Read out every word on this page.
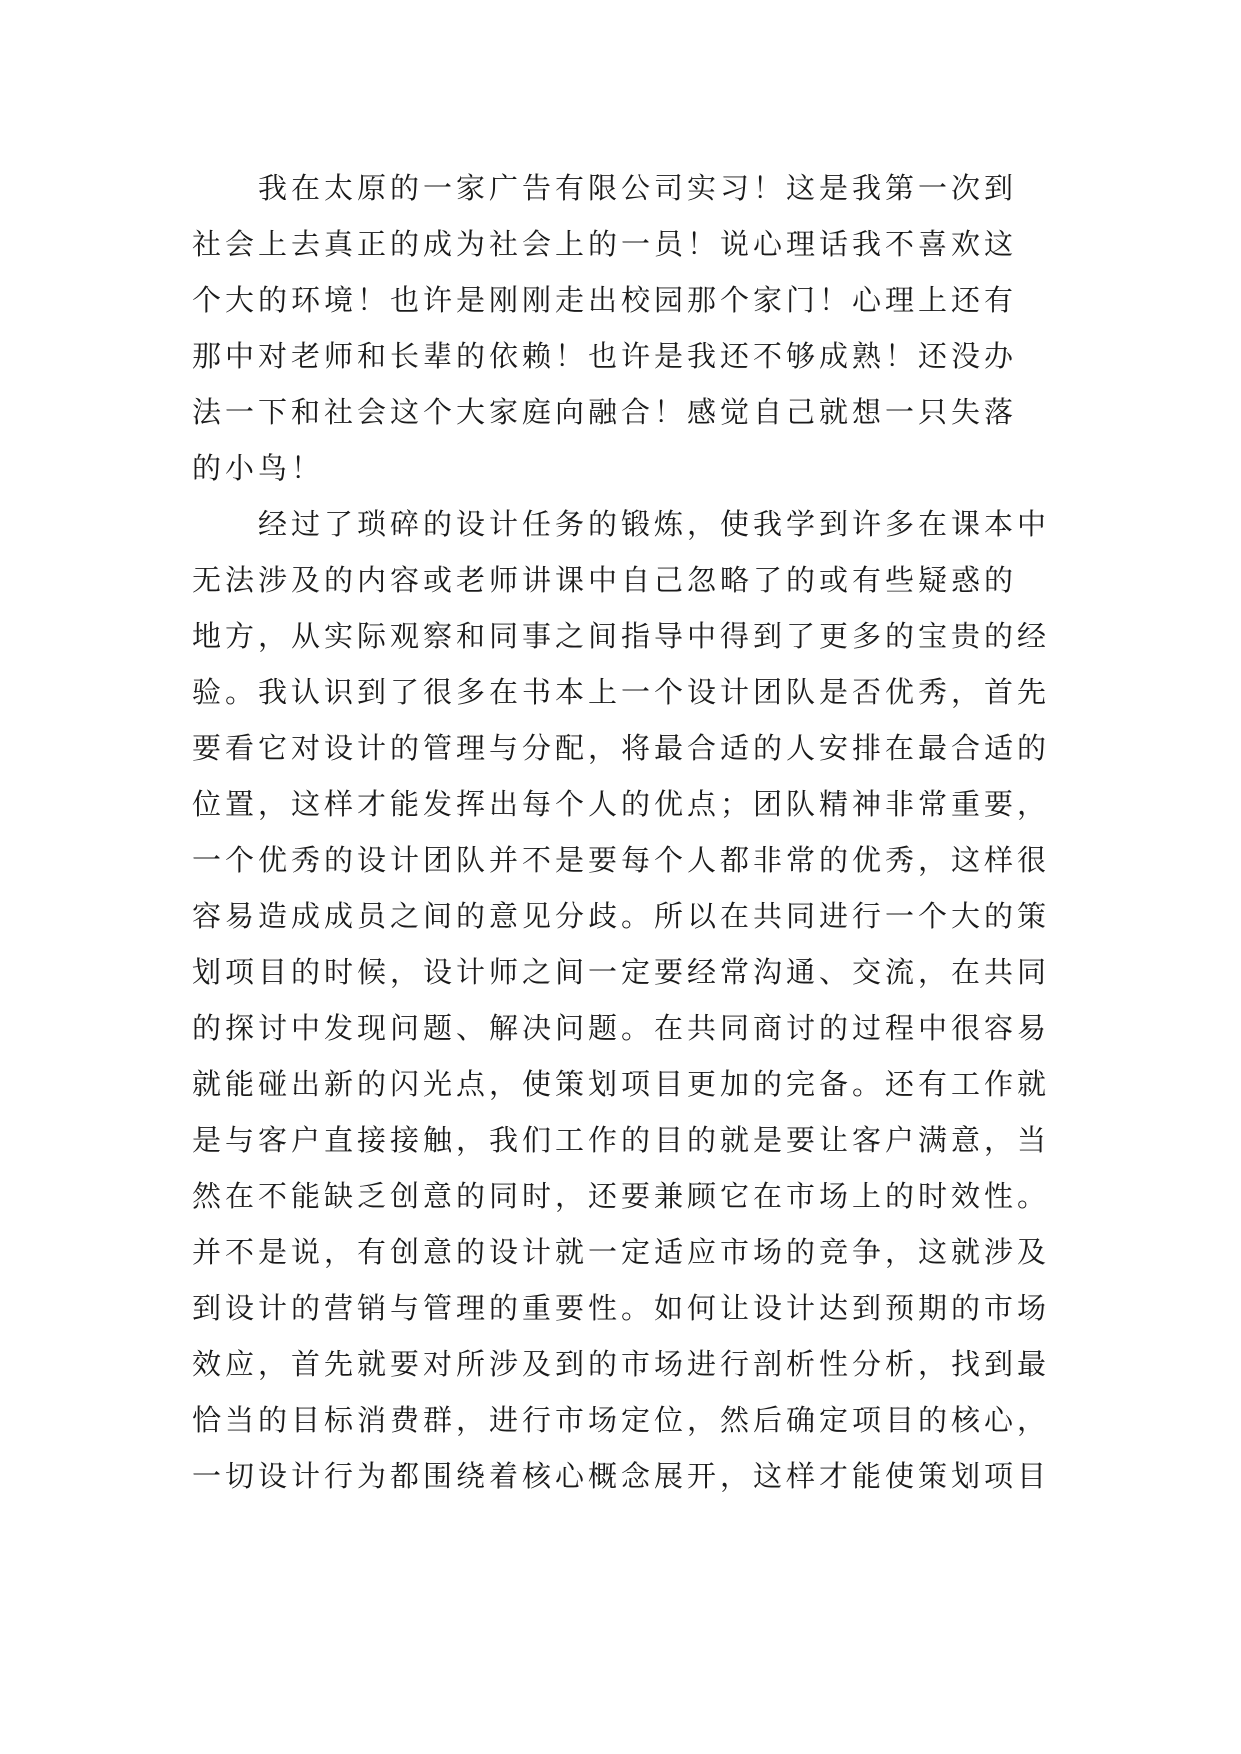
我在太原的一家广告有限公司实习！这是我第一次到
社会上去真正的成为社会上的一员！说心理话我不喜欢这
个大的环境！也许是刚刚走出校园那个家门！心理上还有
那中对老师和长辈的依赖！也许是我还不够成熟！还没办
法一下和社会这个大家庭向融合！感觉自己就想一只失落
的小鸟！

经过了琐碎的设计任务的锻炼，使我学到许多在课本中
无法涉及的内容或老师讲课中自己忽略了的或有些疑惑的
地方，从实际观察和同事之间指导中得到了更多的宝贵的经
验。我认识到了很多在书本上一个设计团队是否优秀，首先
要看它对设计的管理与分配，将最合适的人安排在最合适的
位置，这样才能发挥出每个人的优点；团队精神非常重要，
一个优秀的设计团队并不是要每个人都非常的优秀，这样很
容易造成成员之间的意见分歧。所以在共同进行一个大的策
划项目的时候，设计师之间一定要经常沟通、交流，在共同
的探讨中发现问题、解决问题。在共同商讨的过程中很容易
就能碰出新的闪光点，使策划项目更加的完备。还有工作就
是与客户直接接触，我们工作的目的就是要让客户满意，当
然在不能缺乏创意的同时，还要兼顾它在市场上的时效性。
并不是说，有创意的设计就一定适应市场的竞争，这就涉及
到设计的营销与管理的重要性。如何让设计达到预期的市场
效应，首先就要对所涉及到的市场进行剖析性分析，找到最
恰当的目标消费群，进行市场定位，然后确定项目的核心，
一切设计行为都围绕着核心概念展开，这样才能使策划项目
